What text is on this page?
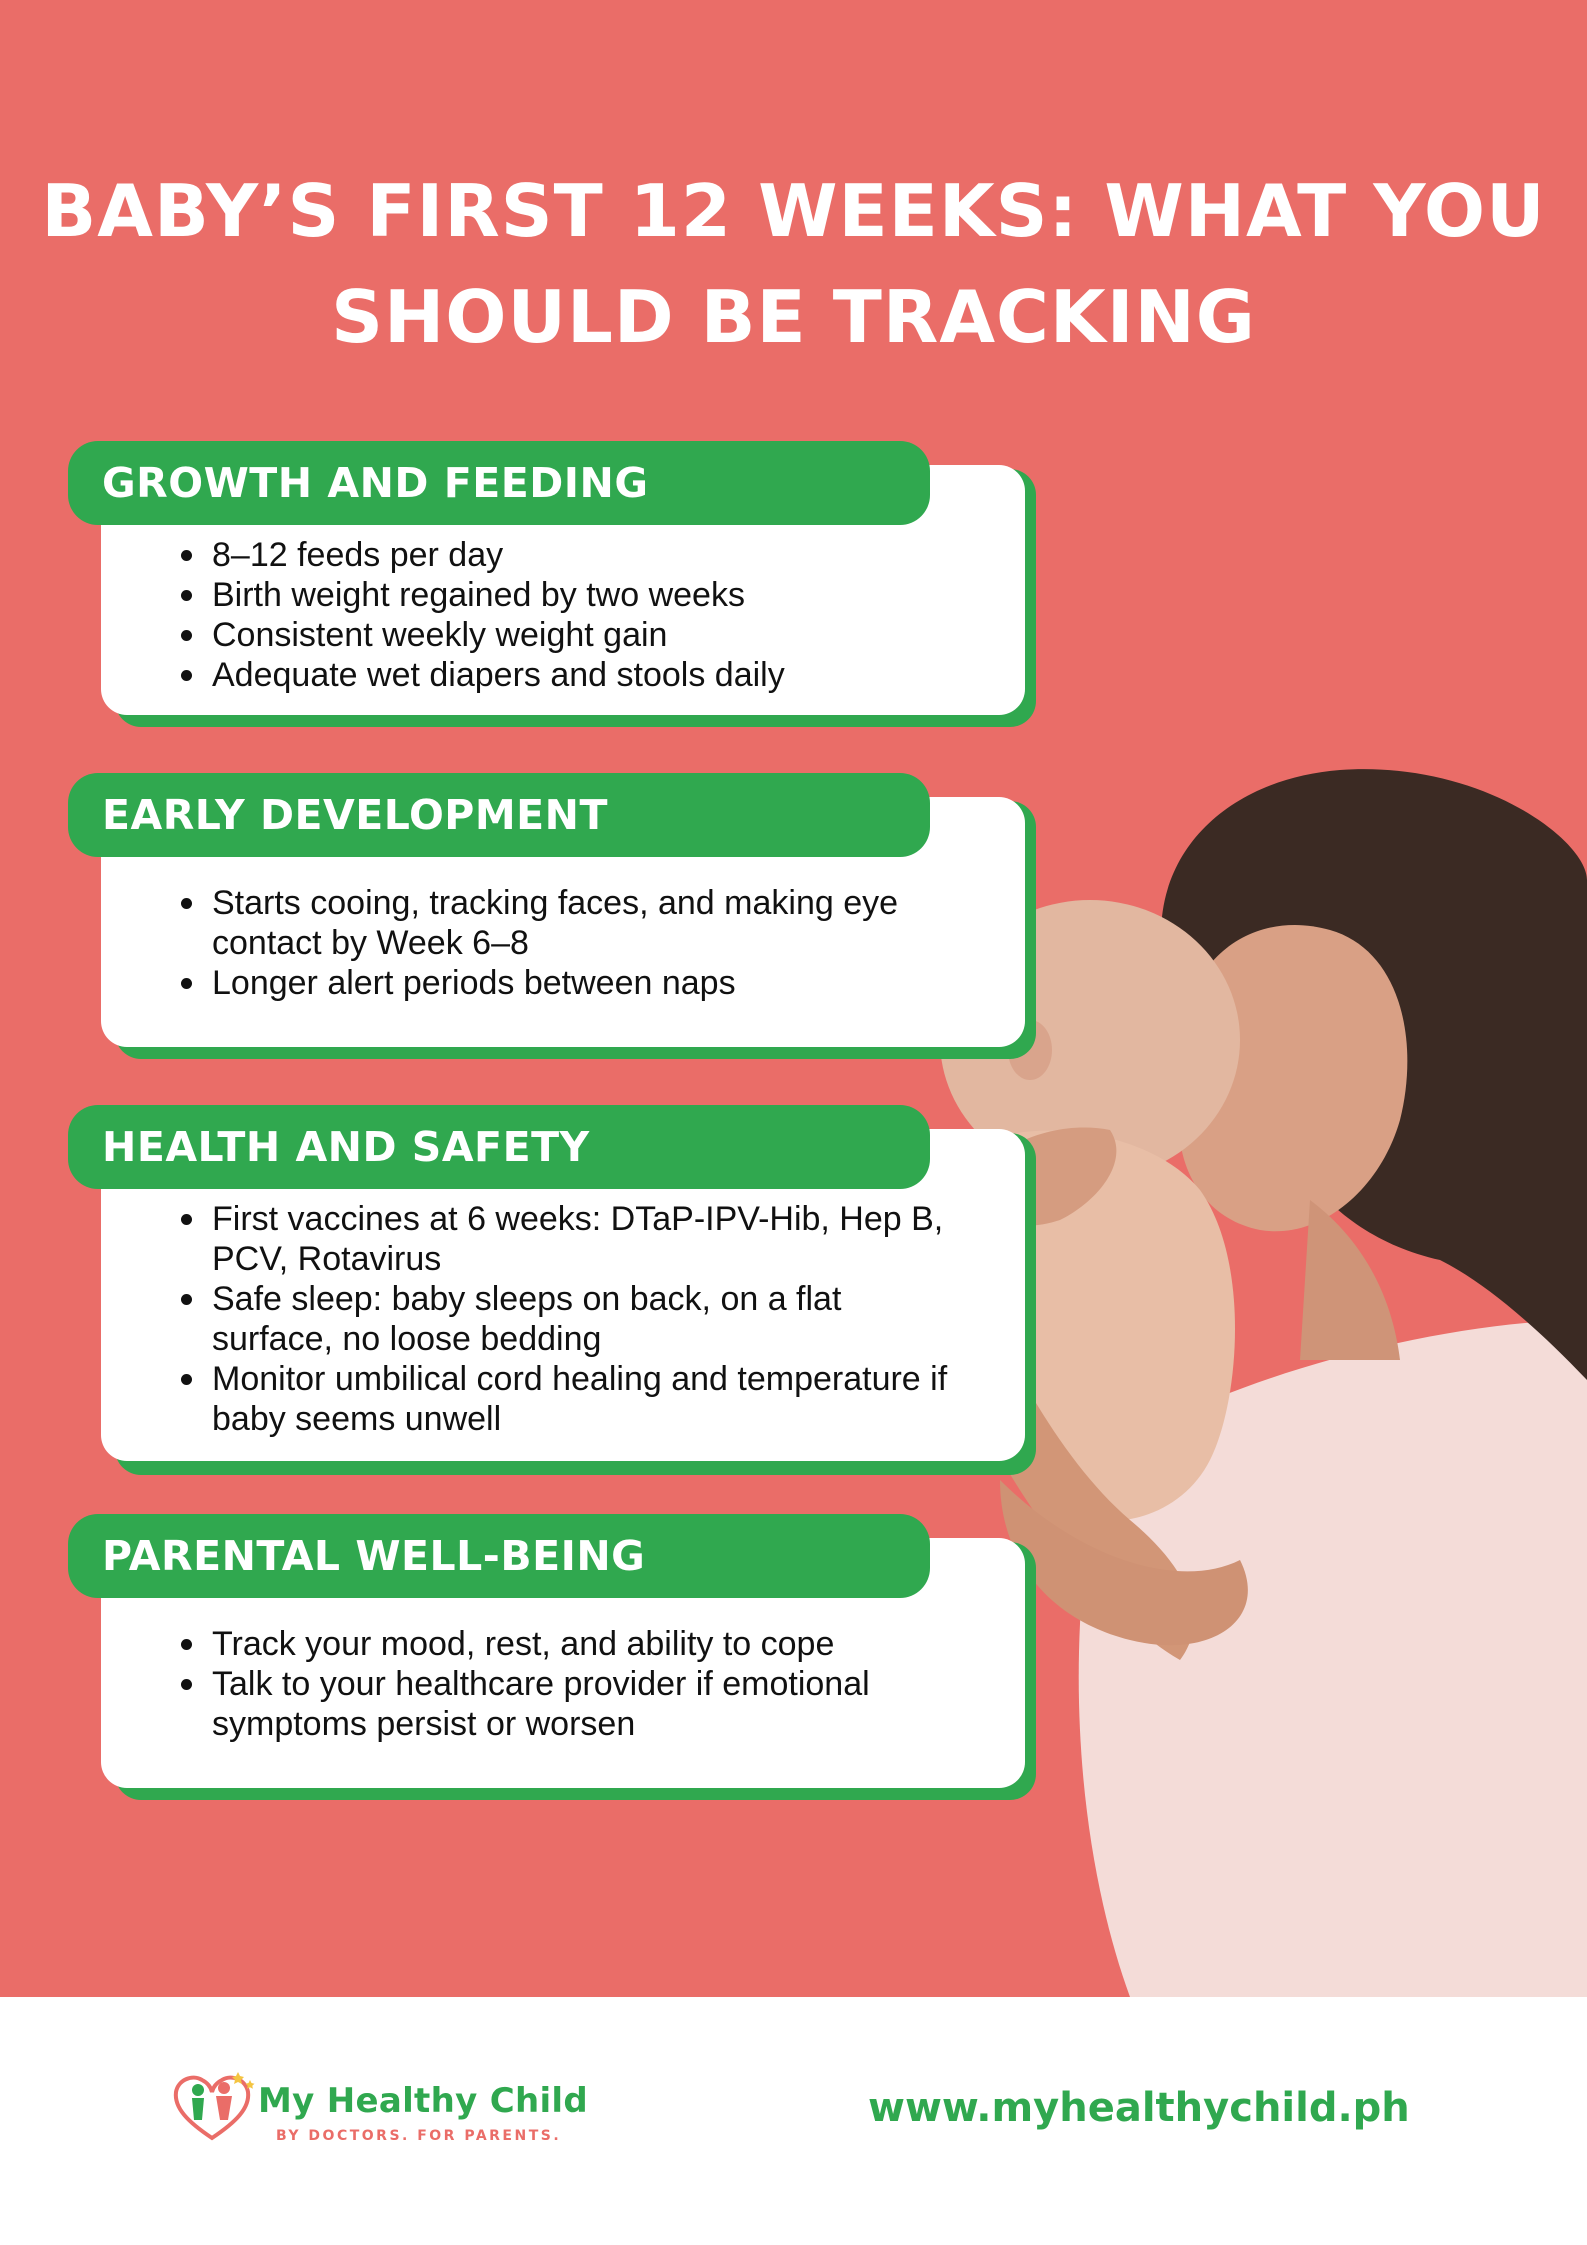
BABY’S FIRST 12 WEEKS: WHAT YOU
SHOULD BE TRACKING
GROWTH AND FEEDING
8–12 feeds per day
Birth weight regained by two weeks
Consistent weekly weight gain
Adequate wet diapers and stools daily
EARLY DEVELOPMENT
Starts cooing, tracking faces, and making eye contact by Week 6–8
Longer alert periods between naps
HEALTH AND SAFETY
First vaccines at 6 weeks: DTaP-IPV-Hib, Hep B, PCV, Rotavirus
Safe sleep: baby sleeps on back, on a flat surface, no loose bedding
Monitor umbilical cord healing and temperature if baby seems unwell
PARENTAL WELL-BEING
Track your mood, rest, and ability to cope
Talk to your healthcare provider if emotional symptoms persist or worsen
My Healthy Child
BY DOCTORS. FOR PARENTS.
www.myhealthychild.ph
